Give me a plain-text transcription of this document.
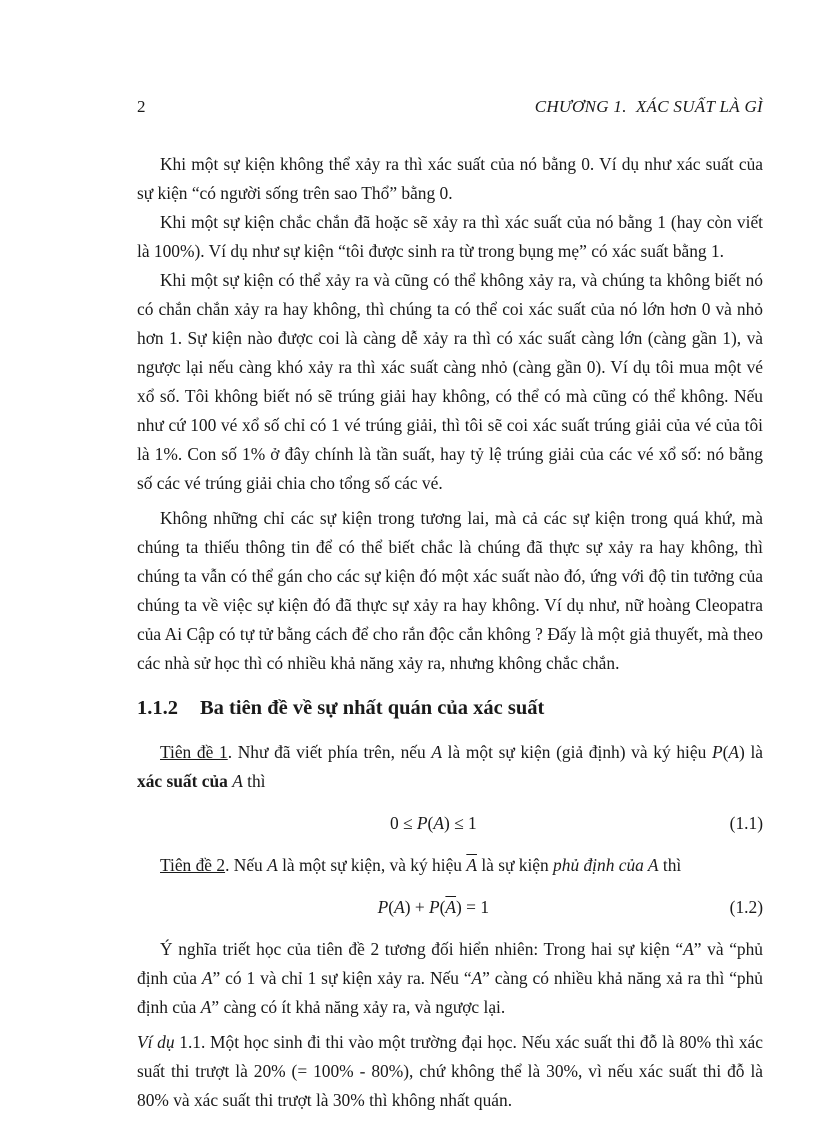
2	CHƯƠNG 1.  XÁC SUẤT LÀ GÌ

Khi một sự kiện không thể xảy ra thì xác suất của nó bằng 0. Ví dụ như xác suất của sự kiện “có người sống trên sao Thổ” bằng 0.

Khi một sự kiện chắc chắn đã hoặc sẽ xảy ra thì xác suất của nó bằng 1 (hay còn viết là 100%). Ví dụ như sự kiện “tôi được sinh ra từ trong bụng mẹ” có xác suất bằng 1.

Khi một sự kiện có thể xảy ra và cũng có thể không xảy ra, và chúng ta không biết nó có chắn chắn xảy ra hay không, thì chúng ta có thể coi xác suất của nó lớn hơn 0 và nhỏ hơn 1. Sự kiện nào được coi là càng dễ xảy ra thì có xác suất càng lớn (càng gần 1), và ngược lại nếu càng khó xảy ra thì xác suất càng nhỏ (càng gần 0). Ví dụ tôi mua một vé xổ số. Tôi không biết nó sẽ trúng giải hay không, có thể có mà cũng có thể không. Nếu như cứ 100 vé xổ số chỉ có 1 vé trúng giải, thì tôi sẽ coi xác suất trúng giải của vé của tôi là 1%. Con số 1% ở đây chính là tần suất, hay tỷ lệ trúng giải của các vé xổ số: nó bằng số các vé trúng giải chia cho tổng số các vé.

Không những chỉ các sự kiện trong tương lai, mà cả các sự kiện trong quá khứ, mà chúng ta thiếu thông tin để có thể biết chắc là chúng đã thực sự xảy ra hay không, thì chúng ta vẫn có thể gán cho các sự kiện đó một xác suất nào đó, ứng với độ tin tưởng của chúng ta về việc sự kiện đó đã thực sự xảy ra hay không. Ví dụ như, nữ hoàng Cleopatra của Ai Cập có tự tử bằng cách để cho rắn độc cắn không ? Đấy là một giả thuyết, mà theo các nhà sử học thì có nhiều khả năng xảy ra, nhưng không chắc chắn.

1.1.2 Ba tiên đề về sự nhất quán của xác suất

Tiên đề 1. Như đã viết phía trên, nếu A là một sự kiện (giả định) và ký hiệu P(A) là xác suất của A thì

0 ≤ P(A) ≤ 1	(1.1)

Tiên đề 2. Nếu A là một sự kiện, và ký hiệu $\overline{A}$ là sự kiện phủ định của A thì

$P(A) + P(\overline{A}) = 1$	(1.2)

Ý nghĩa triết học của tiên đề 2 tương đối hiển nhiên: Trong hai sự kiện “A” và “phủ định của A” có 1 và chỉ 1 sự kiện xảy ra. Nếu “A” càng có nhiều khả năng xả ra thì “phủ định của A” càng có ít khả năng xảy ra, và ngược lại.

Ví dụ 1.1. Một học sinh đi thi vào một trường đại học. Nếu xác suất thi đỗ là 80% thì xác suất thi trượt là 20% (= 100% - 80%), chứ không thể là 30%, vì nếu xác suất thi đỗ là 80% và xác suất thi trượt là 30% thì không nhất quán.
